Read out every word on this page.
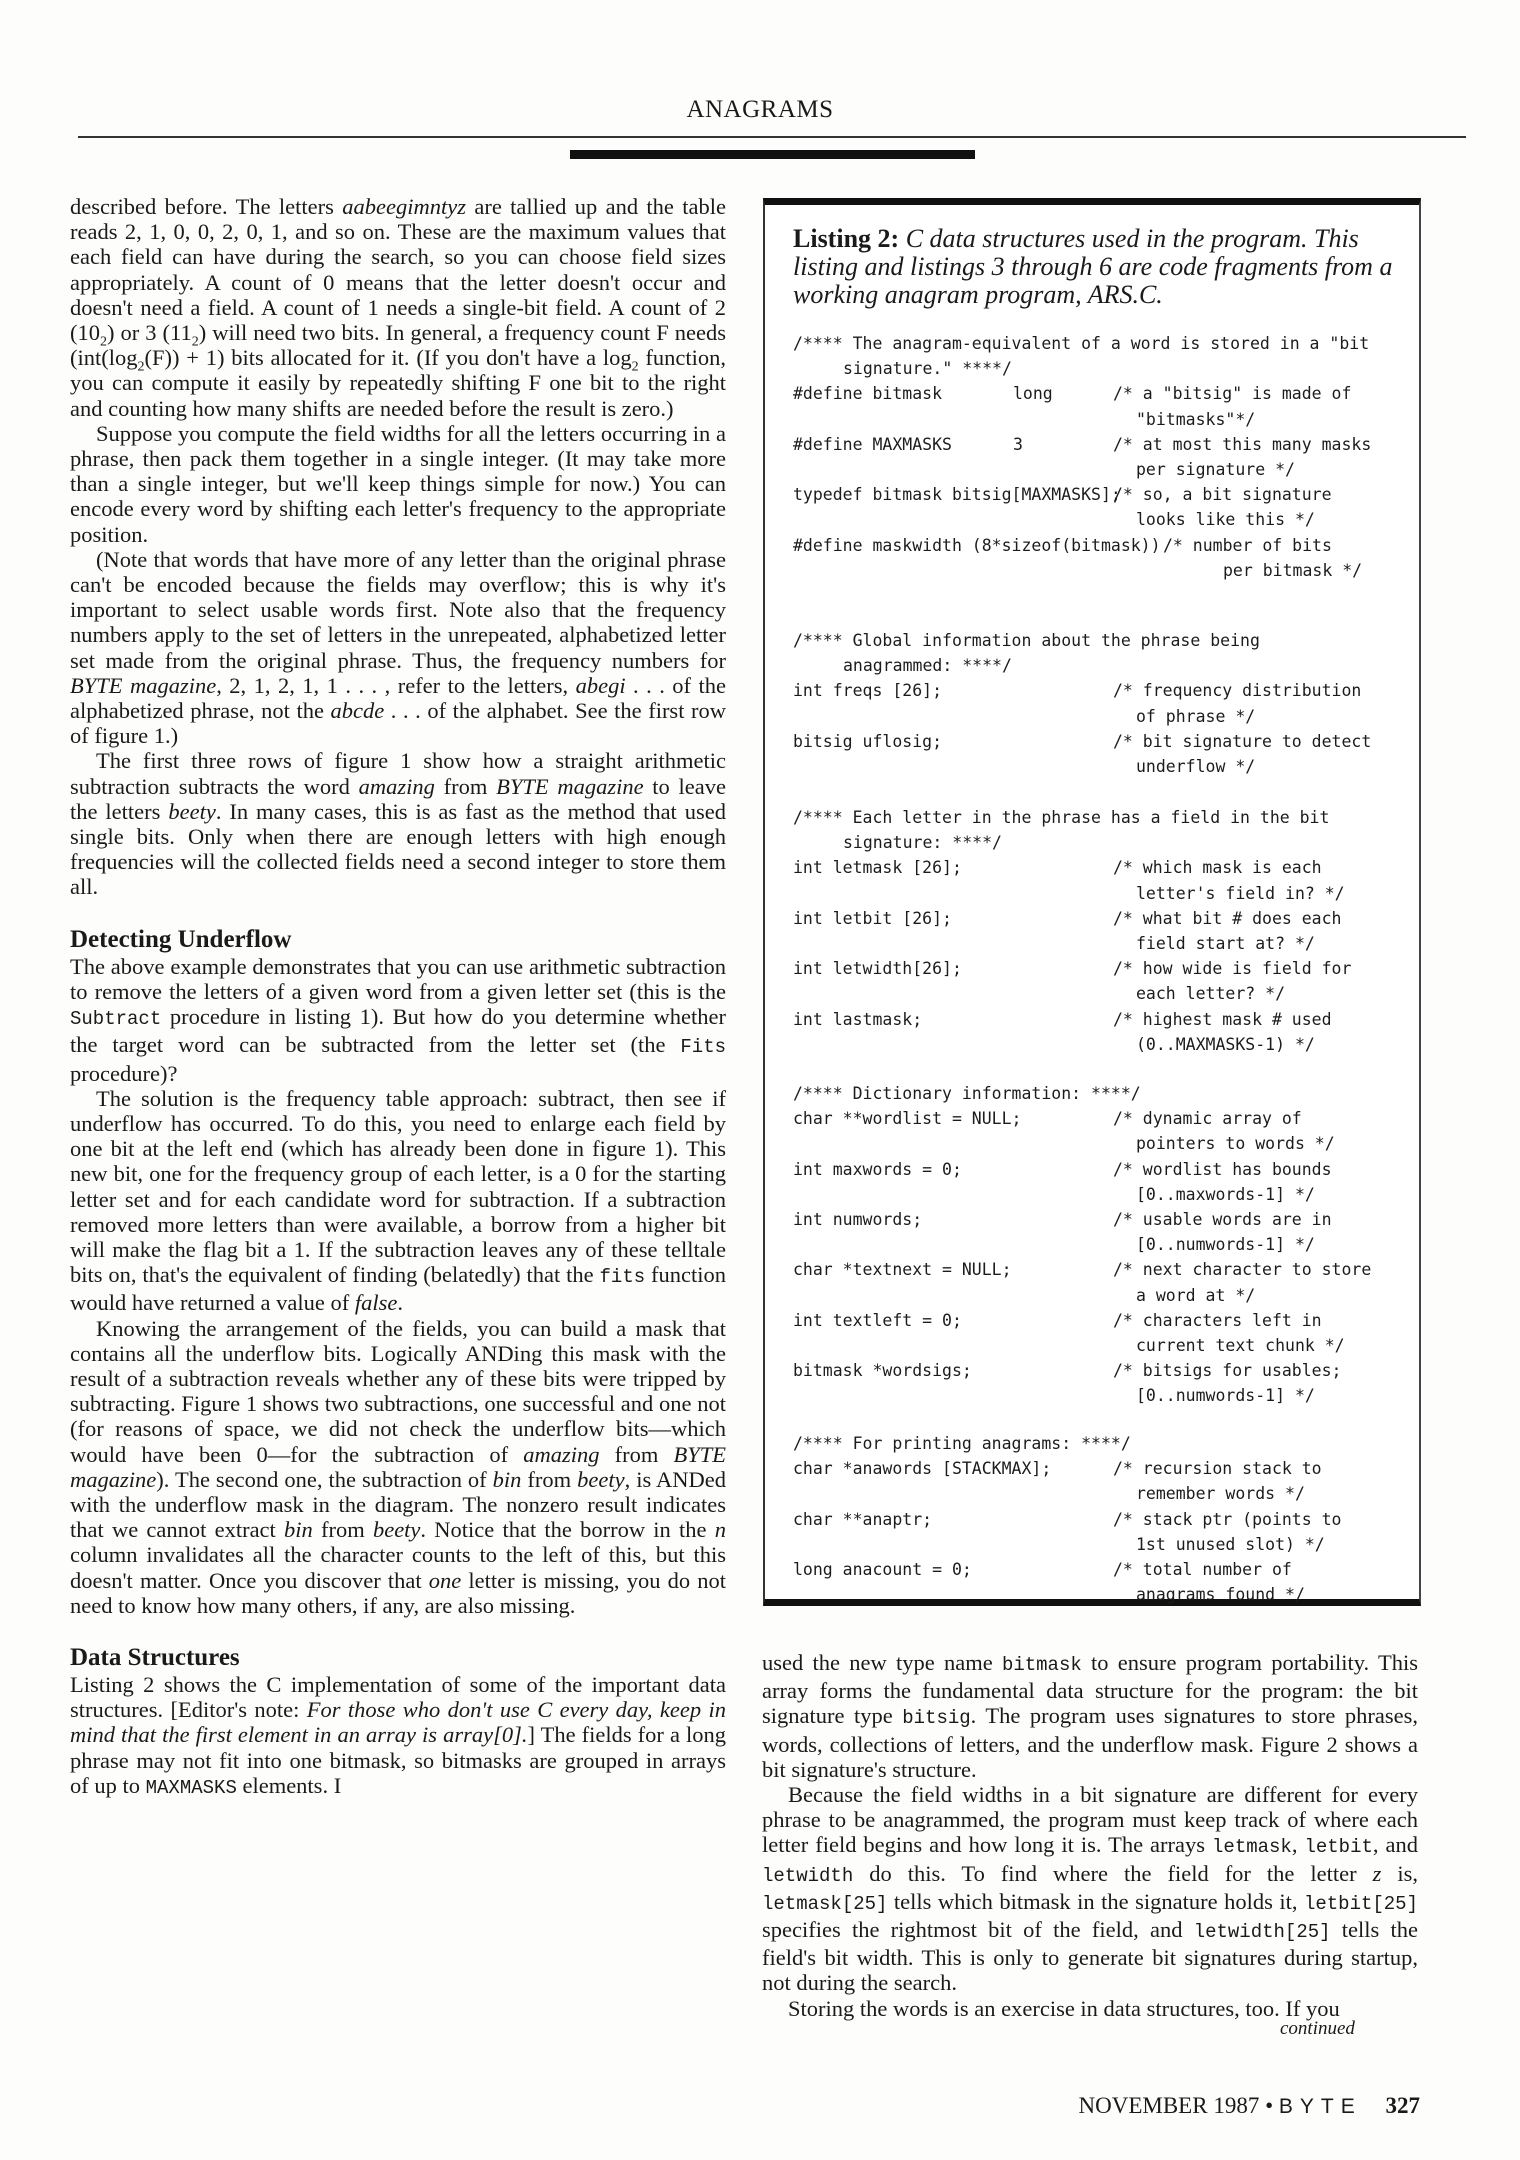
ANAGRAMS

described before. The letters aabeegimntyz are tallied up and the table reads 2, 1, 0, 0, 2, 0, 1, and so on. These are the maximum values that each field can have during the search, so you can choose field sizes appropriately. A count of 0 means that the letter doesn't occur and doesn't need a field. A count of 1 needs a single-bit field. A count of 2 $(10_2)$ or 3 $(11_2)$ will need two bits. In general, a frequency count F needs $(int(\log_2(F)) + 1)$ bits allocated for it. (If you don't have a $\log_2$ function, you can compute it easily by repeatedly shifting F one bit to the right and counting how many shifts are needed before the result is zero.)

Suppose you compute the field widths for all the letters occurring in a phrase, then pack them together in a single integer. (It may take more than a single integer, but we'll keep things simple for now.) You can encode every word by shifting each letter's frequency to the appropriate position.

(Note that words that have more of any letter than the original phrase can't be encoded because the fields may overflow; this is why it's important to select usable words first. Note also that the frequency numbers apply to the set of letters in the unrepeated, alphabetized letter set made from the original phrase. Thus, the frequency numbers for BYTE magazine, 2, 1, 2, 1, 1 . . . , refer to the letters, abegi . . . of the alphabetized phrase, not the abcde . . . of the alphabet. See the first row of figure 1.)

The first three rows of figure 1 show how a straight arithmetic subtraction subtracts the word amazing from BYTE magazine to leave the letters beety. In many cases, this is as fast as the method that used single bits. Only when there are enough letters with high enough frequencies will the collected fields need a second integer to store them all.

Detecting Underflow

The above example demonstrates that you can use arithmetic subtraction to remove the letters of a given word from a given letter set (this is the Subtract procedure in listing 1). But how do you determine whether the target word can be subtracted from the letter set (the Fits procedure)?

The solution is the frequency table approach: subtract, then see if underflow has occurred. To do this, you need to enlarge each field by one bit at the left end (which has already been done in figure 1). This new bit, one for the frequency group of each letter, is a 0 for the starting letter set and for each candidate word for subtraction. If a subtraction removed more letters than were available, a borrow from a higher bit will make the flag bit a 1. If the subtraction leaves any of these telltale bits on, that's the equivalent of finding (belatedly) that the fits function would have returned a value of false.

Knowing the arrangement of the fields, you can build a mask that contains all the underflow bits. Logically ANDing this mask with the result of a subtraction reveals whether any of these bits were tripped by subtracting. Figure 1 shows two subtractions, one successful and one not (for reasons of space, we did not check the underflow bits—which would have been 0—for the subtraction of amazing from BYTE magazine). The second one, the subtraction of bin from beety, is ANDed with the underflow mask in the diagram. The nonzero result indicates that we cannot extract bin from beety. Notice that the borrow in the n column invalidates all the character counts to the left of this, but this doesn't matter. Once you discover that one letter is missing, you do not need to know how many others, if any, are also missing.

Data Structures

Listing 2 shows the C implementation of some of the important data structures. [Editor's note: For those who don't use C every day, keep in mind that the first element in an array is array[0].] The fields for a long phrase may not fit into one bitmask, so bitmasks are grouped in arrays of up to MAXMASKS elements. I

Listing 2: C data structures used in the program. This listing and listings 3 through 6 are code fragments from a working anagram program, ARS.C.
/**** The anagram-equivalent of a word is stored in a "bit
signature." ****/
#define bitmask	long	/* a "bitsig" is made of
"bitmasks"*/
#define MAXMASKS	3	/* at most this many masks
per signature */
typedef bitmask bitsig[MAXMASKS];
/* so, a bit signature
looks like this */
#define maskwidth (8*sizeof(bitmask)) /* number of bits
per bitmask */
/**** Global information about the phrase being
anagrammed: ****/
int freqs [26];	/* frequency distribution
of phrase */
bitsig uflosig;	/* bit signature to detect
underflow */
/**** Each letter in the phrase has a field in the bit
signature: ****/
int letmask [26];	/* which mask is each
letter's field in? */
int letbit [26];	/* what bit # does each
field start at? */
int letwidth[26];	/* how wide is field for
each letter? */
int lastmask;	/* highest mask # used
(0..MAXMASKS-1) */
/**** Dictionary information: ****/
char **wordlist = NULL;	/* dynamic array of
pointers to words */
int maxwords = 0;	/* wordlist has bounds
[0..maxwords-1] */
int numwords;	/* usable words are in
[0..numwords-1] */
char *textnext = NULL;	/* next character to store
a word at */
int textleft = 0;	/* characters left in
current text chunk */
bitmask *wordsigs;	/* bitsigs for usables;
[0..numwords-1] */
/**** For printing anagrams: ****/
char *anawords [STACKMAX];	/* recursion stack to
remember words */
char **anaptr;	/* stack ptr (points to
1st unused slot) */
long anacount = 0;	/* total number of
anagrams found */

used the new type name bitmask to ensure program portability. This array forms the fundamental data structure for the program: the bit signature type bitsig. The program uses signatures to store phrases, words, collections of letters, and the underflow mask. Figure 2 shows a bit signature's structure.

Because the field widths in a bit signature are different for every phrase to be anagrammed, the program must keep track of where each letter field begins and how long it is. The arrays letmask, letbit, and letwidth do this. To find where the field for the letter z is, letmask[25] tells which bitmask in the signature holds it, letbit[25] specifies the rightmost bit of the field, and letwidth[25] tells the field's bit width. This is only to generate bit signatures during startup, not during the search.

Storing the words is an exercise in data structures, too. If you

continued
NOVEMBER 1987 • BYTE 327
